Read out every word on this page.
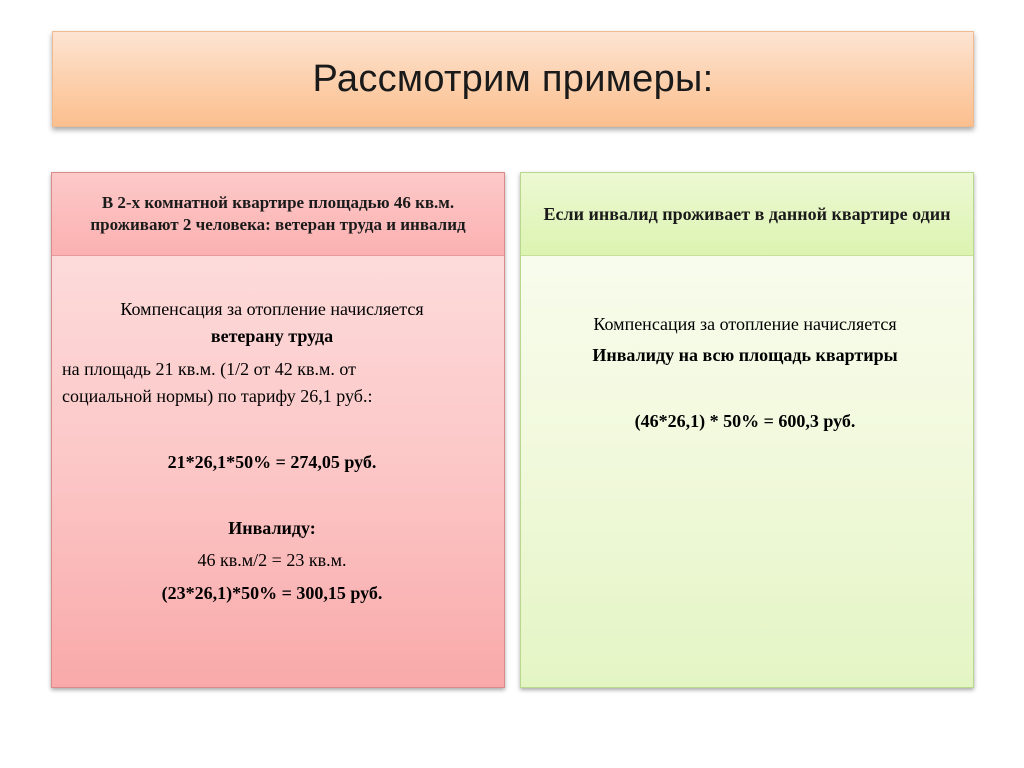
Рассмотрим примеры:
В 2-х комнатной квартире площадью 46 кв.м. проживают 2 человека: ветеран труда и инвалид
Если инвалид проживает в данной квартире один
Компенсация за отопление начисляется
ветерану труда
на площадь 21 кв.м. (1/2 от 42 кв.м. от
социальной нормы) по тарифу 26,1 руб.:
21*26,1*50% = 274,05 руб.
Инвалиду:
46 кв.м/2 = 23 кв.м.
(23*26,1)*50% = 300,15 руб.
Компенсация за отопление начисляется
Инвалиду на всю площадь квартиры
(46*26,1) * 50% = 600,3 руб.
